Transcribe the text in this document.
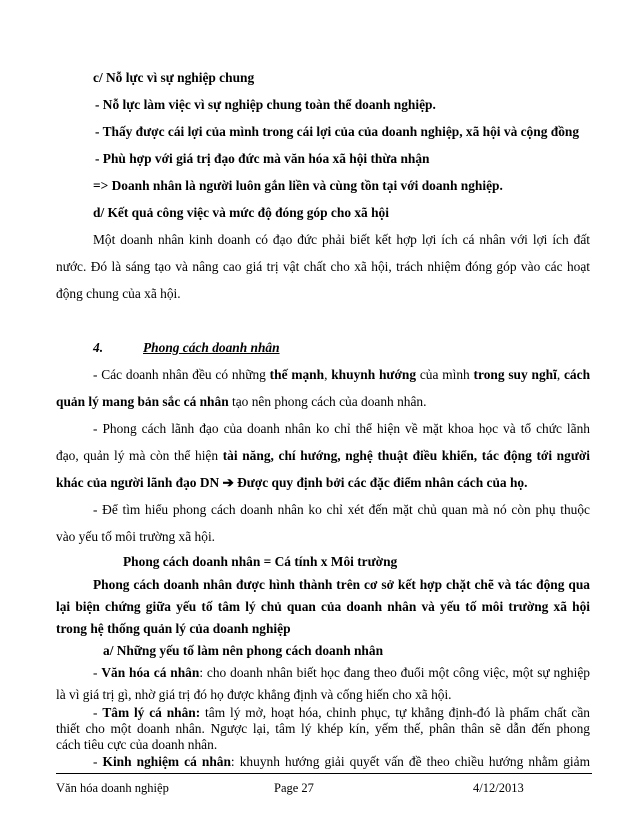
c/ Nỗ lực vì sự nghiệp chung
- Nỗ lực làm việc vì sự nghiệp chung toàn thể doanh nghiệp.
- Thấy được cái lợi của mình trong cái lợi của của doanh nghiệp, xã hội và cộng đồng
- Phù hợp với giá trị đạo đức mà văn hóa xã hội thừa nhận
=> Doanh nhân là người luôn gắn liền và cùng tồn tại với doanh nghiệp.
d/ Kết quả công việc và mức độ đóng góp cho xã hội
Một doanh nhân kinh doanh có đạo đức phải biết kết hợp lợi ích cá nhân với lợi ích đất
nước. Đó là sáng tạo và nâng cao giá trị vật chất cho xã hội, trách nhiệm đóng góp vào các hoạt
động chung của xã hội.
4.	Phong cách doanh nhân
- Các doanh nhân đều có những thế mạnh, khuynh hướng của mình trong suy nghĩ, cách
quản lý mang bản sắc cá nhân tạo nên phong cách của doanh nhân.
- Phong cách lãnh đạo của doanh nhân ko chỉ thể hiện về mặt khoa học và tổ chức lãnh
đạo, quản lý mà còn thể hiện tài năng, chí hướng, nghệ thuật điều khiển, tác động tới người
khác của người lãnh đạo DN ➔ Được quy định bởi các đặc điểm nhân cách của họ.
- Để tìm hiểu phong cách doanh nhân ko chỉ xét đến mặt chủ quan mà nó còn phụ thuộc
vào yếu tố môi trường xã hội.
Phong cách doanh nhân = Cá tính x Môi trường
Phong cách doanh nhân được hình thành trên cơ sở kết hợp chặt chẽ và tác động qua
lại biện chứng giữa yếu tố tâm lý chủ quan của doanh nhân và yếu tố môi trường xã hội
trong hệ thống quản lý của doanh nghiệp
a/ Những yếu tố làm nên phong cách doanh nhân
- Văn hóa cá nhân: cho doanh nhân biết học đang theo đuổi một công việc, một sự nghiệp
là vì giá trị gì, nhờ giá trị đó họ được khẳng định và cống hiến cho xã hội.
Văn hóa doanh nghiệp	Page 27	4/12/2013
- Tâm lý cá nhân: tâm lý mở, hoạt hóa, chinh phục, tự khẳng định-đó là phẩm chất cần
thiết cho một doanh nhân. Ngược lại, tâm lý khép kín, yếm thế, phân thân sẽ dẫn đến phong
cách tiêu cực của doanh nhân.
- Kinh nghiệm cá nhân: khuynh hướng giải quyết vấn đề theo chiều hướng nhằm giảm
